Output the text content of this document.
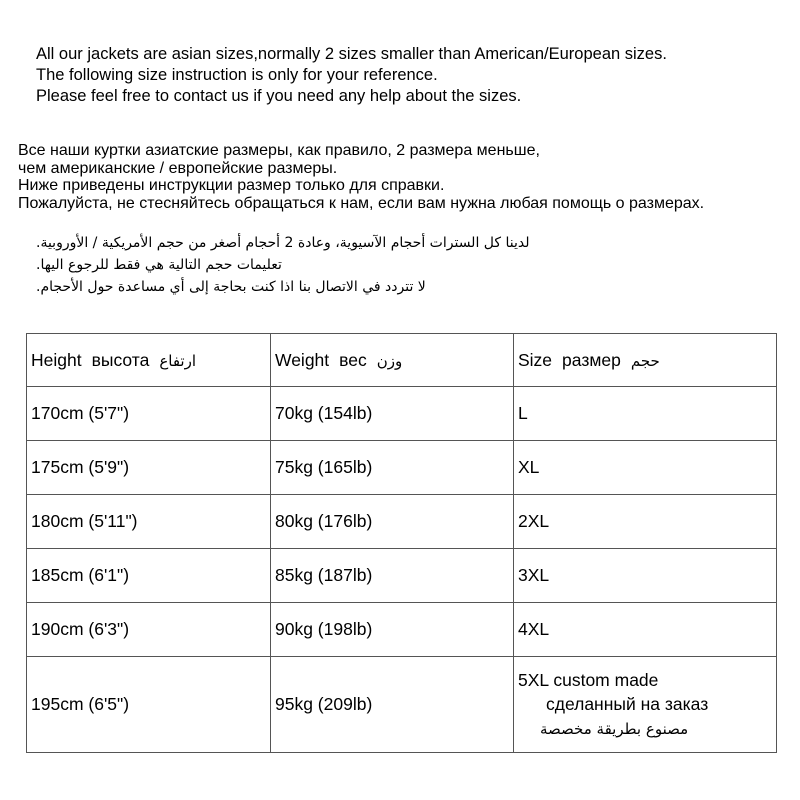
All our jackets are asian sizes,normally 2 sizes smaller than American/European sizes.
The following size instruction is only for your reference.
Please feel free to contact us if you need any help about the sizes.
Все наши куртки азиатские размеры, как правило, 2 размера меньше,
чем американские / европейские размеры.
Ниже приведены инструкции размер только для справки.
Пожалуйста, не стесняйтесь обращаться к нам, если вам нужна любая помощь о размерах.
لدينا كل السترات أحجام الآسيوية، وعادة 2 أحجام أصغر من حجم الأمريكية / الأوروبية.
تعليمات حجم التالية هي فقط للرجوع اليها.
لا تتردد في الاتصال بنا اذا كنت بحاجة إلى أي مساعدة حول الأحجام.
Height высота ارتفاع	Weight вес وزن	Size размер حجم
170cm (5'7")	70kg (154lb)	L
175cm (5'9")	75kg (165lb)	XL
180cm (5'11")	80kg (176lb)	2XL
185cm (6'1")	85kg (187lb)	3XL
190cm (6'3")	90kg (198lb)	4XL
195cm (6'5")	95kg (209lb)	5XL custom made
сделанный на заказ
مصنوع بطريقة مخصصة
